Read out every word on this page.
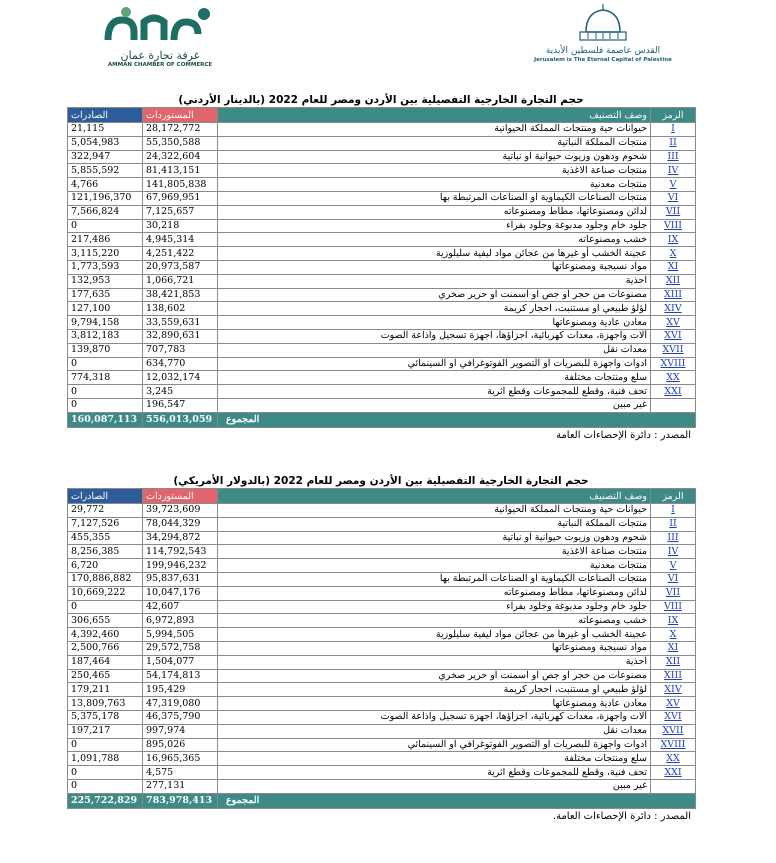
غرفة تجارة عمان
AMMAN CHAMBER OF COMMERCE
القدس عاصمة فلسطين الأبدية
Jerusalem is The Eternal Capital of Palestine
حجم التجارة الخارجية التفصيلية بين الأردن ومصر للعام 2022 (بالدينار الأردني)
الصادرات	المستوردات	وصف التصنيف	الرمز
21,115	28,172,772	حيوانات حية ومنتجات المملكة الحيوانية	I
5,054,983	55,350,588	منتجات المملكة النباتية	II
322,947	24,322,604	شحوم ودهون وزيوت حيوانية او نباتية	III
5,855,592	81,413,151	منتجات صناعة الاغذية	IV
4,766	141,805,838	منتجات معدنية	V
121,196,370	67,969,951	منتجات الصناعات الكيماوية او الصناعات المرتبطة بها	VI
7,566,824	7,125,657	لدائن ومصنوعاتها، مطاط ومصنوعاته	VII
0	30,218	جلود خام وجلود مدبوغة وجلود بفراء	VIII
217,486	4,945,314	خشب ومصنوعاته	IX
3,115,220	4,251,422	عجينة الخشب أو غيرها من عجائن مواد ليفية سليلوزية	X
1,773,593	20,973,587	مواد نسيجية ومصنوعاتها	XI
132,953	1,066,721	احذية	XII
177,635	38,421,853	مصنوعات من حجر او جص او اسمنت او حرير صخري	XIII
127,100	138,602	لؤلؤ طبيعي او مستنبت، احجار كريمة	XIV
9,794,158	33,559,631	معادن عادية ومصنوعاتها	XV
3,812,183	32,890,631	آلات واجهزة، معدات كهربائية، اجزاؤها، اجهزة تسجيل واذاعة الصوت	XVI
139,870	707,783	معدات نقل	XVII
0	634,770	ادوات واجهزة للبصريات او التصوير الفوتوغرافي او السينمائي	XVIII
774,318	12,032,174	سلع ومنتجات مختلفة	XX
0	3,245	تحف فنية، وقطع للمجموعات وقطع اثرية	XXI
0	196,547	غير مبين	
160,087,113	556,013,059	المجموع	
المصدر : دائرة الإحصاءات العامة
حجم التجارة الخارجية التفصيلية بين الأردن ومصر للعام 2022 (بالدولار الأمريكي)
الصادرات	المستوردات	وصف التصنيف	الرمز
29,772	39,723,609	حيوانات حية ومنتجات المملكة الحيوانية	I
7,127,526	78,044,329	منتجات المملكة النباتية	II
455,355	34,294,872	شحوم ودهون وزيوت حيوانية او نباتية	III
8,256,385	114,792,543	منتجات صناعة الاغذية	IV
6,720	199,946,232	منتجات معدنية	V
170,886,882	95,837,631	منتجات الصناعات الكيماوية او الصناعات المرتبطة بها	VI
10,669,222	10,047,176	لدائن ومصنوعاتها، مطاط ومصنوعاته	VII
0	42,607	جلود خام وجلود مدبوغة وجلود بفراء	VIII
306,655	6,972,893	خشب ومصنوعاته	IX
4,392,460	5,994,505	عجينة الخشب أو غيرها من عجائن مواد ليفية سليلوزية	X
2,500,766	29,572,758	مواد نسيجية ومصنوعاتها	XI
187,464	1,504,077	احذية	XII
250,465	54,174,813	مصنوعات من حجر او جص او اسمنت او حرير صخري	XIII
179,211	195,429	لؤلؤ طبيعي او مستنبت، احجار كريمة	XIV
13,809,763	47,319,080	معادن عادية ومصنوعاتها	XV
5,375,178	46,375,790	آلات واجهزة، معدات كهربائية، اجزاؤها، اجهزة تسجيل واذاعة الصوت	XVI
197,217	997,974	معدات نقل	XVII
0	895,026	ادوات واجهزة للبصريات او التصوير الفوتوغرافي او السينمائي	XVIII
1,091,788	16,965,365	سلع ومنتجات مختلفة	XX
0	4,575	تحف فنية، وقطع للمجموعات وقطع اثرية	XXI
0	277,131	غير مبين	
225,722,829	783,978,413	المجموع	
المصدر : دائرة الإحصاءات العامة.
